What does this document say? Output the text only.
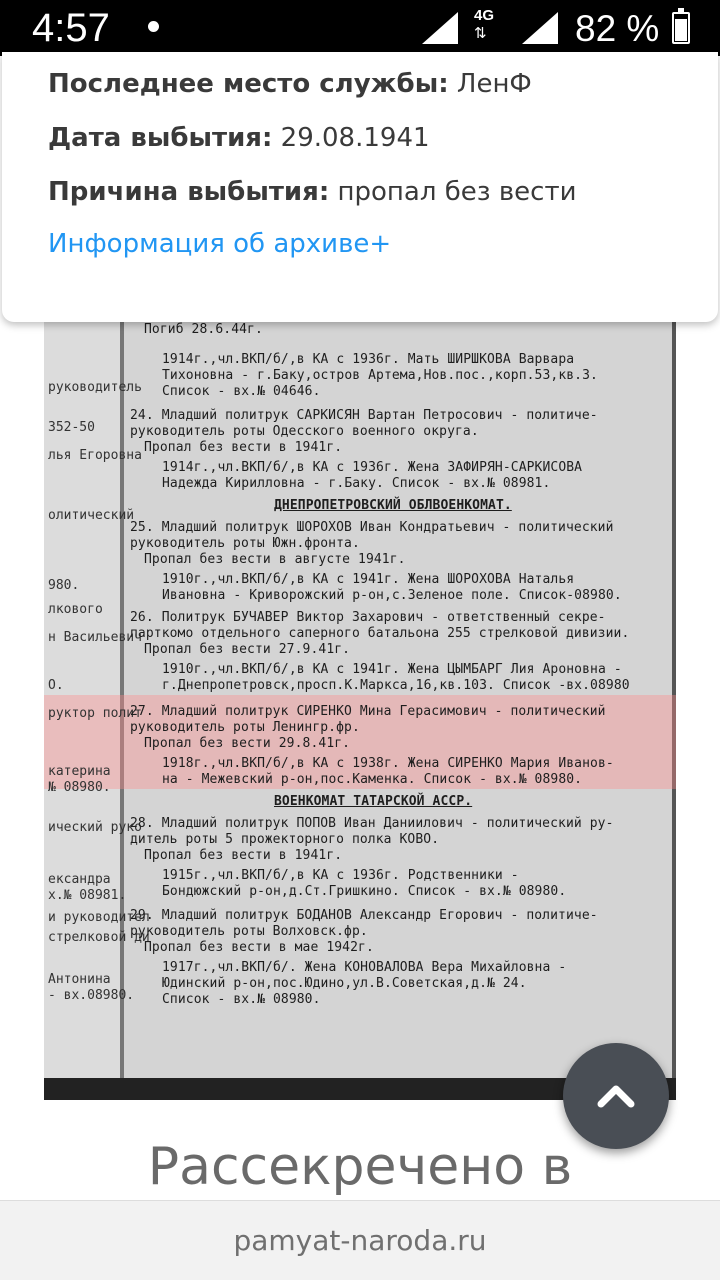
4:57	4G
⇅ 82 %
руководитель
352-50
лья Егоровна
олитический
980.
лкового
н Васильевич
О.
руктор полит
катерина
№ 08980.
ический руко
ександра
х.№ 08981.
и руководител
стрелковой ди
Антонина
- вх.08980.
Погиб 28.6.44г.
1914г.,чл.ВКП/б/,в КА с 1936г. Мать ШИРШКОВА Варвара
Тихоновна - г.Баку,остров Артема,Нов.пос.,корп.53,кв.3.
Список - вх.№ 04646.
24. Младший политрук САРКИСЯН Вартан Петросович - политиче-
руководитель роты Одесского военного округа.
Пропал без вести в 1941г.
1914г.,чл.ВКП/б/,в КА с 1936г. Жена ЗАФИРЯН-САРКИСОВА
Надежда Кирилловна - г.Баку. Список - вх.№ 08981.
ДНЕПРОПЕТРОВСКИЙ ОБЛВОЕНКОМАТ.
25. Младший политрук ШОРОХОВ Иван Кондратьевич - политический
руководитель роты Южн.фронта.
Пропал без вести в августе 1941г.
1910г.,чл.ВКП/б/,в КА с 1941г. Жена ШОРОХОВА Наталья
Ивановна - Криворожский р-он,с.Зеленое поле. Список-08980.
26. Политрук БУЧАВЕР Виктор Захарович - ответственный секре-
парткомо отдельного саперного батальона 255 стрелковой дивизии.
Пропал без вести 27.9.41г.
1910г.,чл.ВКП/б/,в КА с 1941г. Жена ЦЫМБАРГ Лия Ароновна -
г.Днепропетровск,просп.К.Маркса,16,кв.103. Список -вх.08980
27. Младший политрук СИРЕНКО Мина Герасимович - политический
руководитель роты Ленингр.фр.
Пропал без вести 29.8.41г.
1918г.,чл.ВКП/б/,в КА с 1938г. Жена СИРЕНКО Мария Иванов-
на - Межевский р-он,пос.Каменка. Список - вх.№ 08980.
ВОЕНКОМАТ ТАТАРСКОЙ АССР.
28. Младший политрук ПОПОВ Иван Даниилович - политический ру-
дитель роты 5 прожекторного полка КОВО.
Пропал без вести в 1941г.
1915г.,чл.ВКП/б/,в КА с 1936г. Родственники -
Бондюжский р-он,д.Ст.Гришкино. Список - вх.№ 08980.
29. Младший политрук БОДАНОВ Александр Егорович - политиче-
руководитель роты Волховск.фр.
Пропал без вести в мае 1942г.
1917г.,чл.ВКП/б/. Жена КОНОВАЛОВА Вера Михайловна -
Юдинский р-он,пос.Юдино,ул.В.Советская,д.№ 24.
Список - вх.№ 08980.
Последнее место службы: ЛенФ
Дата выбытия: 29.08.1941
Причина выбытия: пропал без вести
Информация об архиве+
Рассекречено в
pamyat-naroda.ru
